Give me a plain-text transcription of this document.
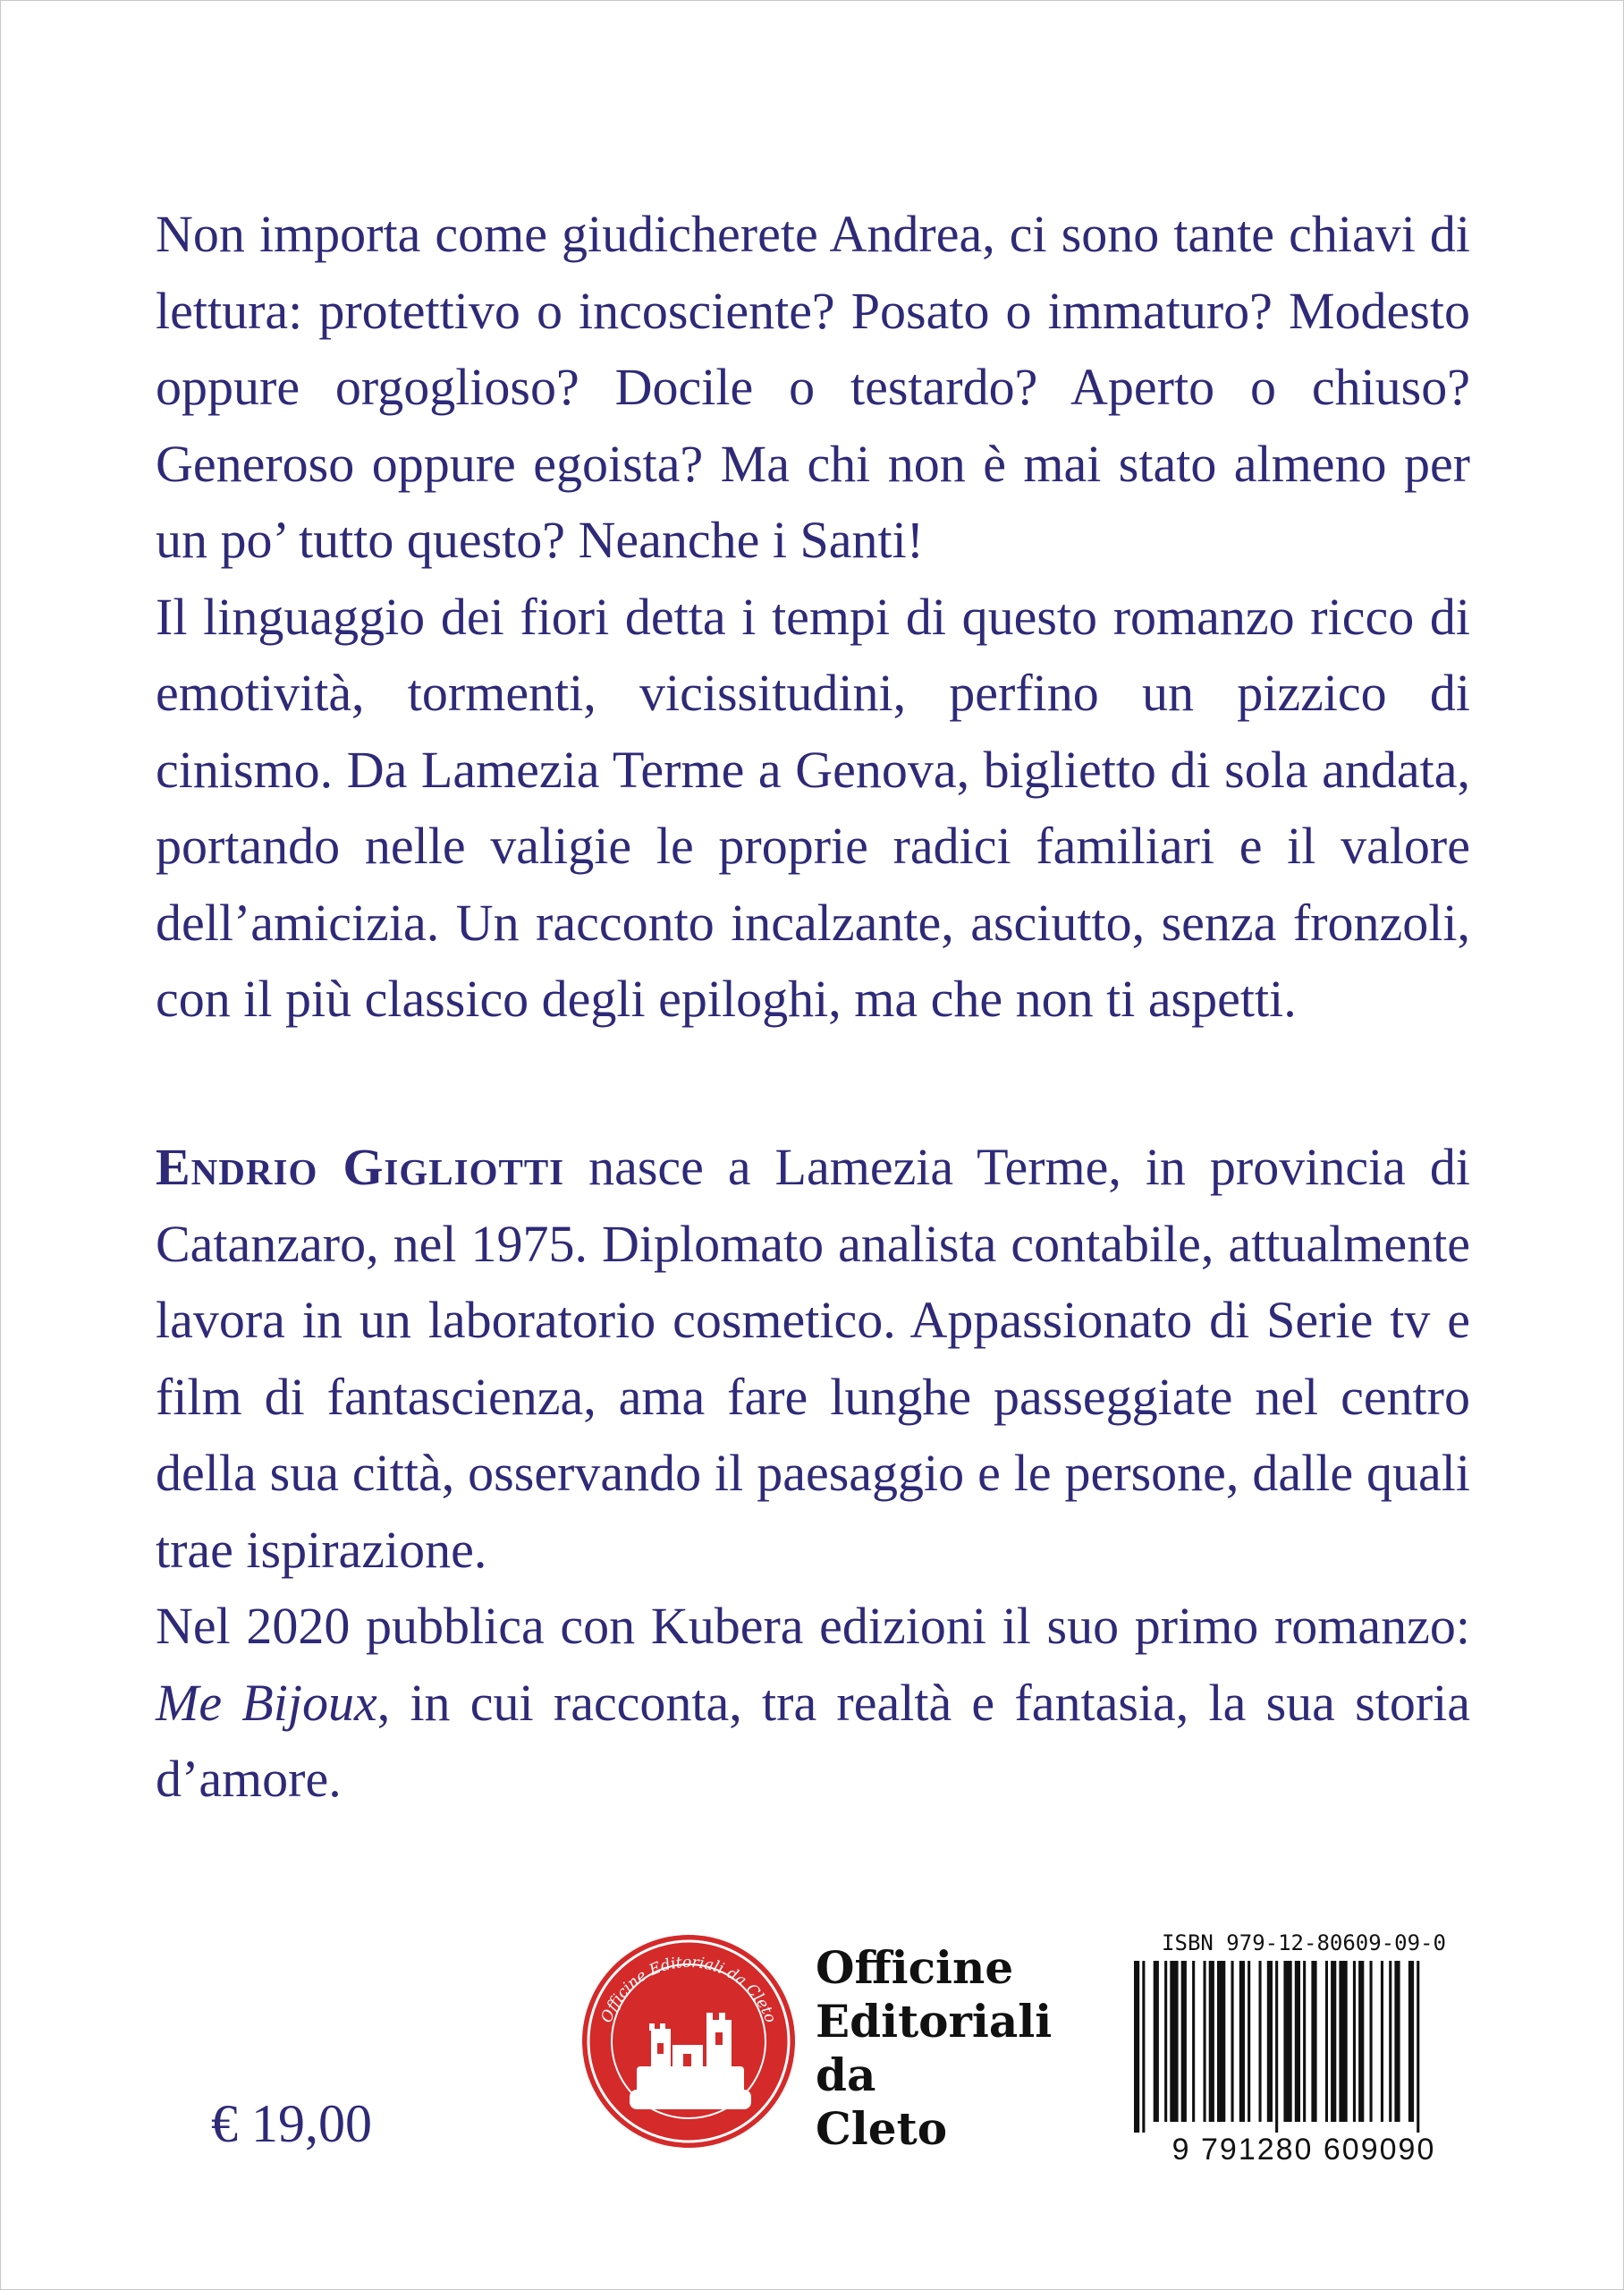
Non importa come giudicherete Andrea, ci sono tante chiavi di lettura: protettivo o incosciente? Posato o immaturo? Modesto oppure orgoglioso? Docile o testardo? Aperto o chiuso? Generoso oppure egoista? Ma chi non è mai stato almeno per un po’ tutto questo? Neanche i Santi!

Il linguaggio dei fiori detta i tempi di questo romanzo ricco di emotività, tormenti, vicissitudini, perfino un pizzico di cinismo. Da Lamezia Terme a Genova, biglietto di sola andata, portando nelle valigie le proprie radici familiari e il valore dell’amicizia. Un racconto incalzante, asciutto, senza fronzoli, con il più classico degli epiloghi, ma che non ti aspetti.

Endrio Gigliotti nasce a Lamezia Terme, in provincia di Catanzaro, nel 1975. Diplomato analista contabile, attualmente lavora in un laboratorio cosmetico. Appassionato di Serie tv e film di fantascienza, ama fare lunghe passeggiate nel centro della sua città, osservando il paesaggio e le persone, dalle quali trae ispirazione.

Nel 2020 pubblica con Kubera edizioni il suo primo romanzo: Me Bijoux, in cui racconta, tra realtà e fantasia, la sua storia d’amore.

€ 19,00
Officine Editoriali da Cleto
Officine
Editoriali
da
Cleto
ISBN 979-12-80609-09-0
9 791280 609090
